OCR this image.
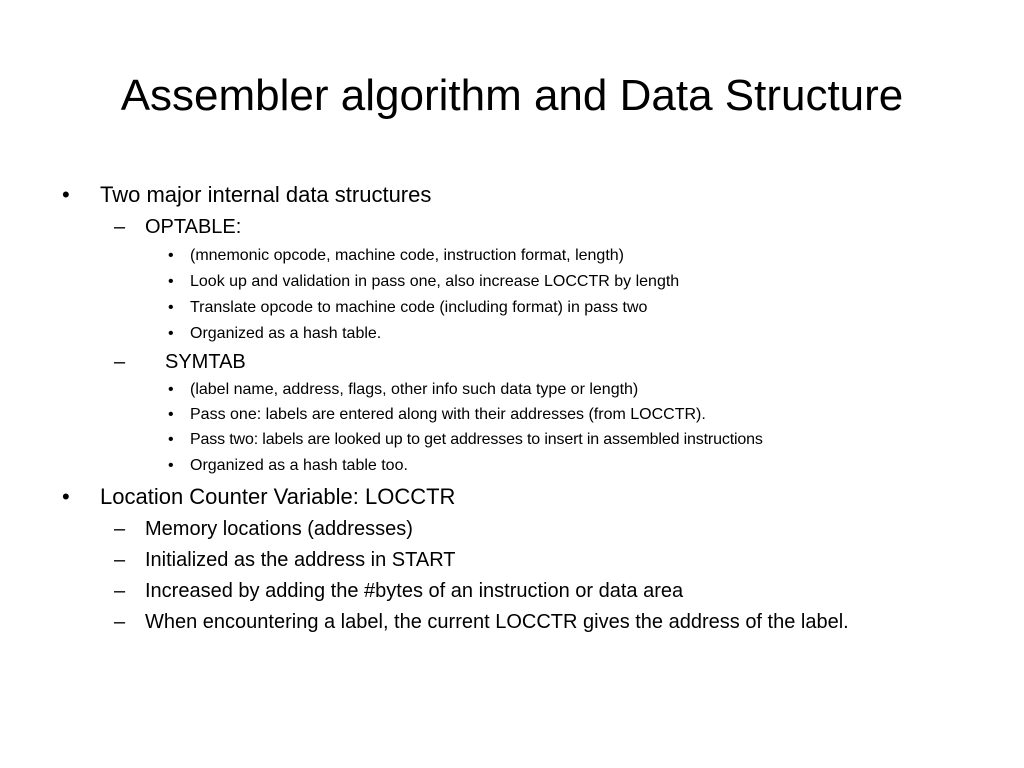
Assembler algorithm and Data Structure
• Two major internal data structures
– OPTABLE:
• (mnemonic opcode, machine code, instruction format, length)
• Look up and validation in pass one, also increase LOCCTR by length
• Translate opcode to machine code (including format) in pass two
• Organized as a hash table.
– SYMTAB
• (label name, address, flags, other info such data type or length)
• Pass one: labels are entered along with their addresses (from LOCCTR).
• Pass two: labels are looked up to get addresses to insert in assembled instructions
• Organized as a hash table too.
• Location Counter Variable: LOCCTR
– Memory locations (addresses)
– Initialized as the address in START
– Increased by adding the #bytes of an instruction or data area
– When encountering a label, the current LOCCTR gives the address of the label.
